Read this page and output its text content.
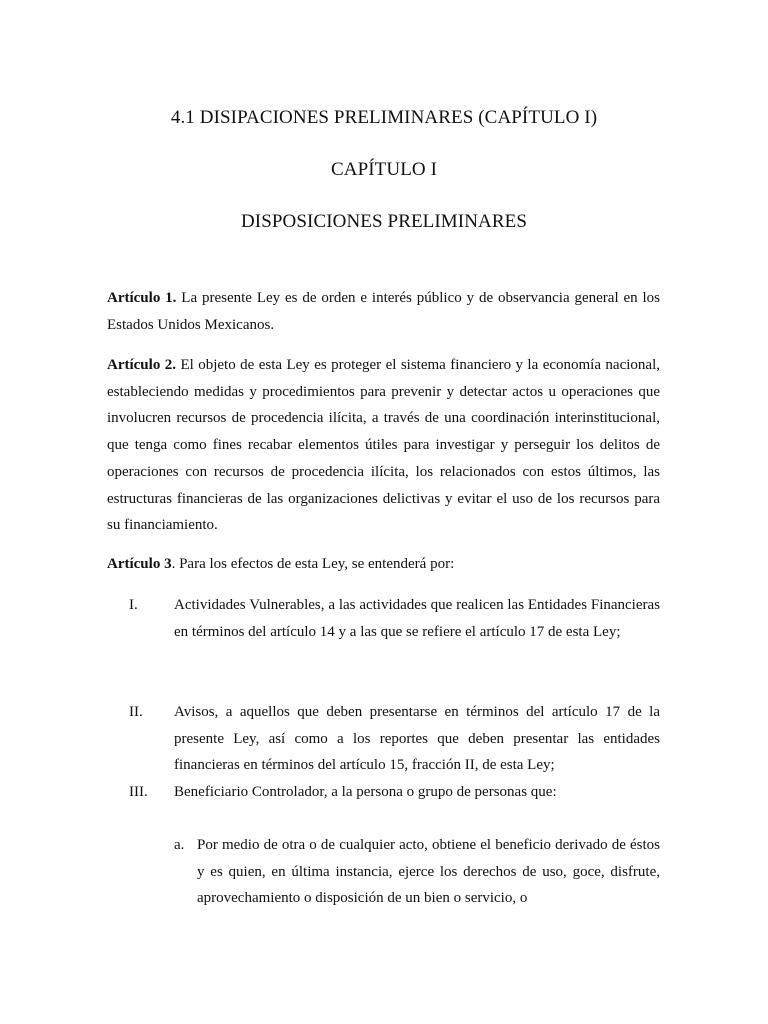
4.1 DISIPACIONES PRELIMINARES (CAPÍTULO I)
CAPÍTULO I
DISPOSICIONES PRELIMINARES

Artículo 1. La presente Ley es de orden e interés público y de observancia general en los Estados Unidos Mexicanos.

Artículo 2. El objeto de esta Ley es proteger el sistema financiero y la economía nacional, estableciendo medidas y procedimientos para prevenir y detectar actos u operaciones que involucren recursos de procedencia ilícita, a través de una coordinación interinstitucional, que tenga como fines recabar elementos útiles para investigar y perseguir los delitos de operaciones con recursos de procedencia ilícita, los relacionados con estos últimos, las estructuras financieras de las organizaciones delictivas y evitar el uso de los recursos para su financiamiento.

Artículo 3. Para los efectos de esta Ley, se entenderá por:

I. Actividades Vulnerables, a las actividades que realicen las Entidades Financieras en términos del artículo 14 y a las que se refiere el artículo 17 de esta Ley;

II. Avisos, a aquellos que deben presentarse en términos del artículo 17 de la presente Ley, así como a los reportes que deben presentar las entidades financieras en términos del artículo 15, fracción II, de esta Ley;

III. Beneficiario Controlador, a la persona o grupo de personas que:

a. Por medio de otra o de cualquier acto, obtiene el beneficio derivado de éstos y es quien, en última instancia, ejerce los derechos de uso, goce, disfrute, aprovechamiento o disposición de un bien o servicio, o
